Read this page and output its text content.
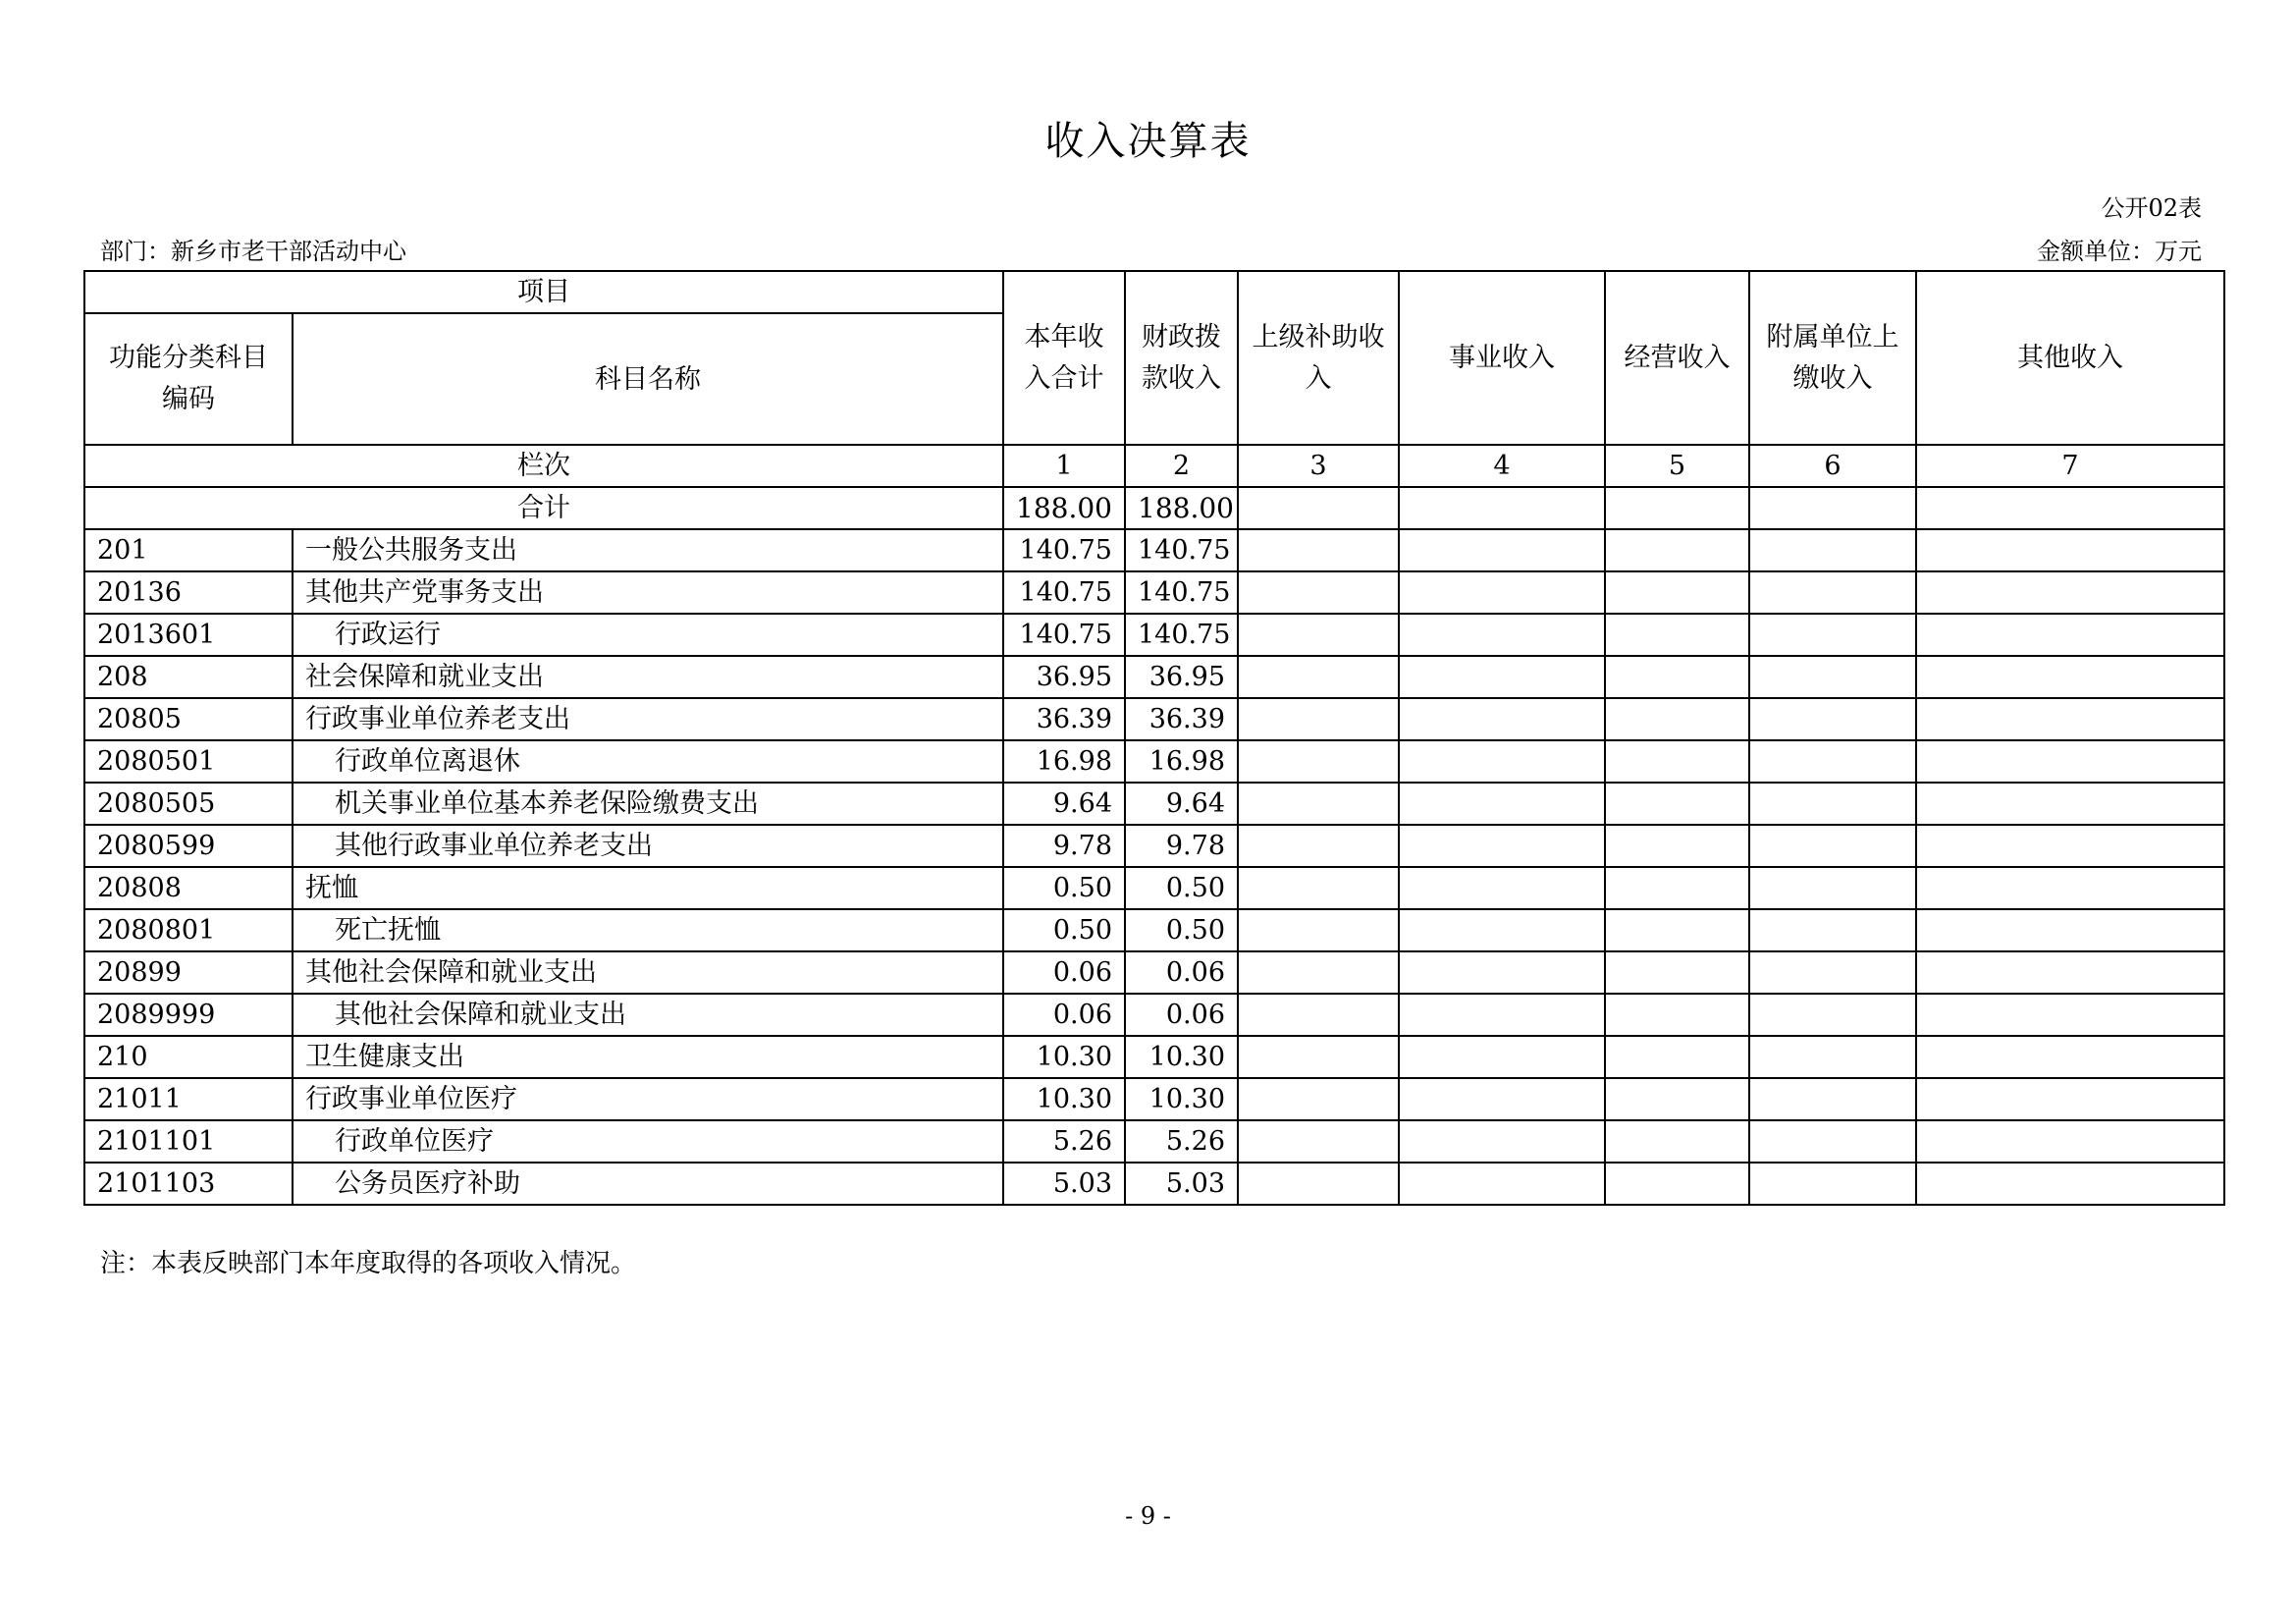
收入决算表
公开02表
部门：新乡市老干部活动中心	金额单位：万元
项目		本年收入合计	财政拨款收入	上级补助收入	事业收入	经营收入	附属单位上缴收入	其他收入
功能分类科目编码	科目名称							
栏次		1	2	3	4	5	6	7
合计		188.00	188.00					
201	一般公共服务支出	140.75	140.75					
20136	其他共产党事务支出	140.75	140.75					
2013601	行政运行	140.75	140.75					
208	社会保障和就业支出	36.95	36.95					
20805	行政事业单位养老支出	36.39	36.39					
2080501	行政单位离退休	16.98	16.98					
2080505	机关事业单位基本养老保险缴费支出	9.64	9.64					
2080599	其他行政事业单位养老支出	9.78	9.78					
20808	抚恤	0.50	0.50					
2080801	死亡抚恤	0.50	0.50					
20899	其他社会保障和就业支出	0.06	0.06					
2089999	其他社会保障和就业支出	0.06	0.06					
210	卫生健康支出	10.30	10.30					
21011	行政事业单位医疗	10.30	10.30					
2101101	行政单位医疗	5.26	5.26					
2101103	公务员医疗补助	5.03	5.03					
注：本表反映部门本年度取得的各项收入情况。
- 9 -
